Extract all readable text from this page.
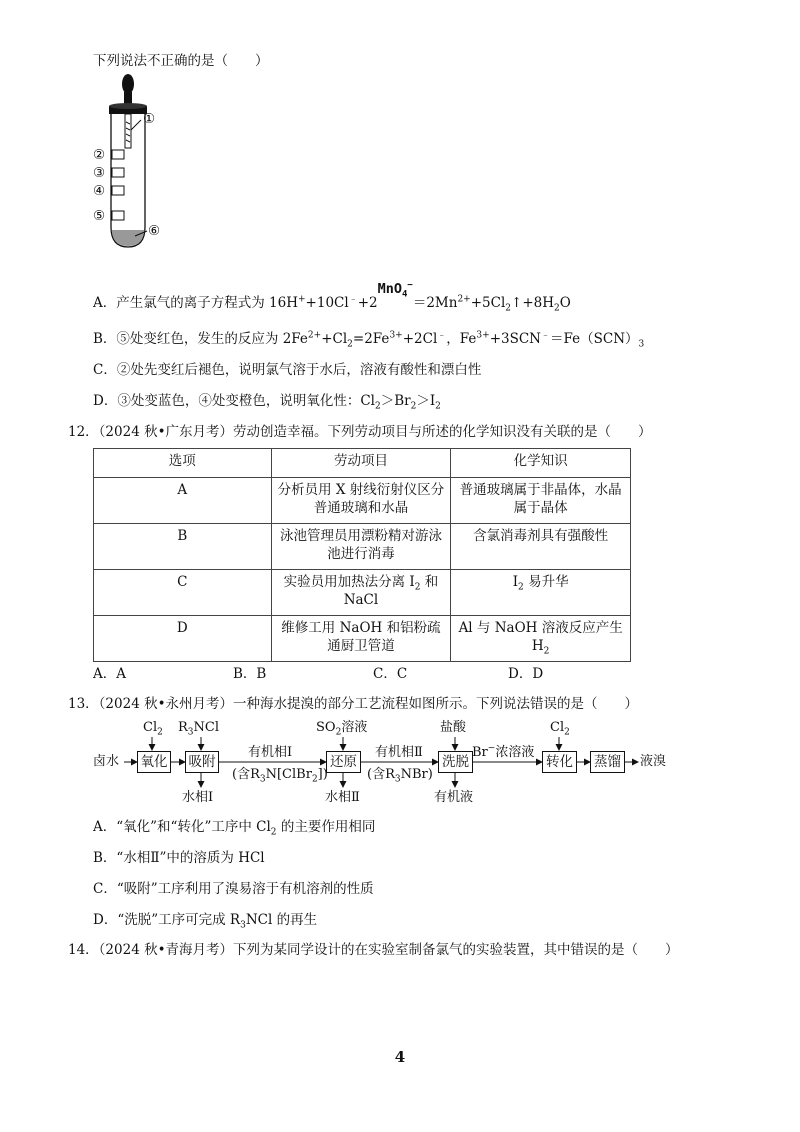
下列说法不正确的是（　　）
①
②
③
④
⑤
⑥
A．产生氯气的离子方程式为 $16H^++10Cl^﹣+2MnO_4^-=2Mn^{2+}+5Cl_2↑+8H_2O$
B．⑤处变红色，发生的反应为 $2Fe^{2+}+Cl_2=2Fe^{3+}+2Cl^﹣$，$Fe^{3+}+3SCN^﹣=Fe(SCN)_3$
C．②处先变红后褪色，说明氯气溶于水后，溶液有酸性和漂白性
D．③处变蓝色，④处变橙色，说明氧化性：$Cl_2>Br_2>I_2$
12．（2024 秋•广东月考）劳动创造幸福。下列劳动项目与所述的化学知识没有关联的是（　　）
选项	劳动项目	化学知识
A	分析员用 X 射线衍射仪区分普通玻璃和水晶	普通玻璃属于非晶体，水晶属于晶体
B	泳池管理员用漂粉精对游泳池进行消毒	含氯消毒剂具有强酸性
C	实验员用加热法分离 $I_2$ 和 NaCl	$I_2$ 易升华
D	维修工用 NaOH 和铝粉疏通厨卫管道	Al 与 NaOH 溶液反应产生 $H_2$
A．A	B．B	C．C	D．D
13．（2024 秋•永州月考）一种海水提溴的部分工艺流程如图所示。下列说法错误的是（　　）
卤水 氧化 吸附	还原	洗脱	转化 蒸馏	液溴
$Cl_2$ $R_3NCl$	$SO_2$溶液	盐酸	$Cl_2$
有机相Ⅰ
(含$R_3N[ClBr_2]$)
有机相Ⅱ
(含$R_3NBr$)
Br−浓溶液
水相Ⅰ	水相Ⅱ	有机液
A．“氧化”和“转化”工序中 $Cl_2$ 的主要作用相同
B．“水相Ⅱ”中的溶质为 HCl
C．“吸附”工序利用了溴易溶于有机溶剂的性质
D．“洗脱”工序可完成 $R_3NCl$ 的再生
14．（2024 秋•青海月考）下列为某同学设计的在实验室制备氯气的实验装置，其中错误的是（　　）
4
